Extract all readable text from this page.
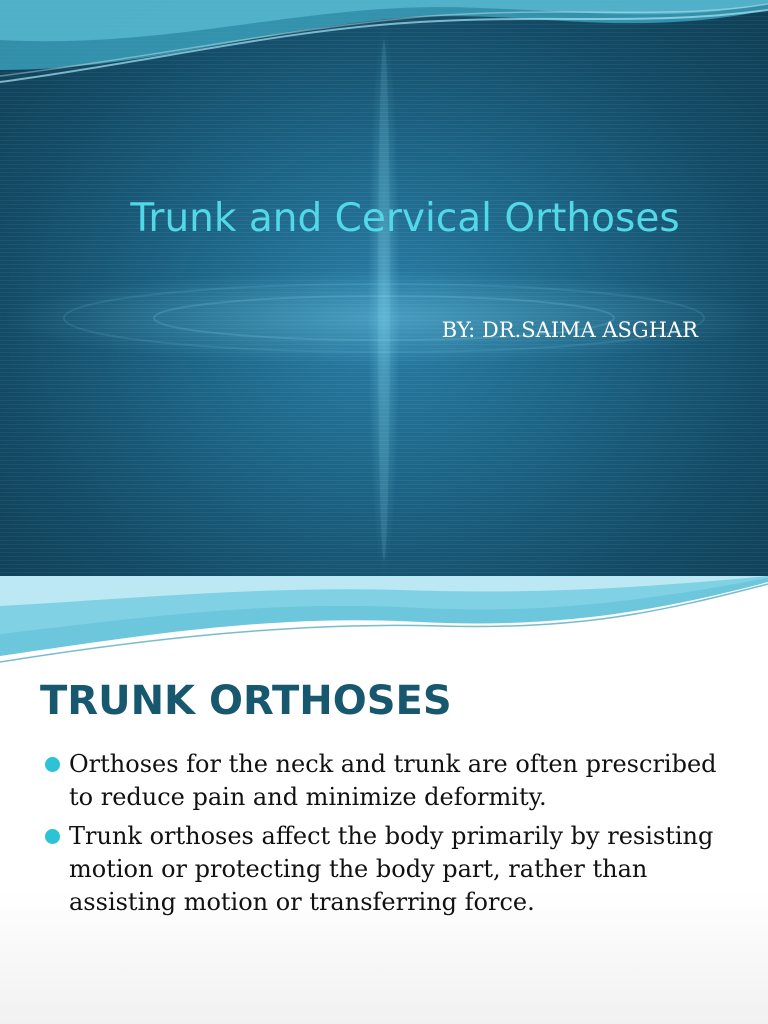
Trunk and Cervical Orthoses

BY: DR.SAIMA ASGHAR

TRUNK ORTHOSES
Orthoses for the neck and trunk are often prescribed to reduce pain and minimize deformity.
Trunk orthoses affect the body primarily by resisting motion or protecting the body part, rather than assisting motion or transferring force.
